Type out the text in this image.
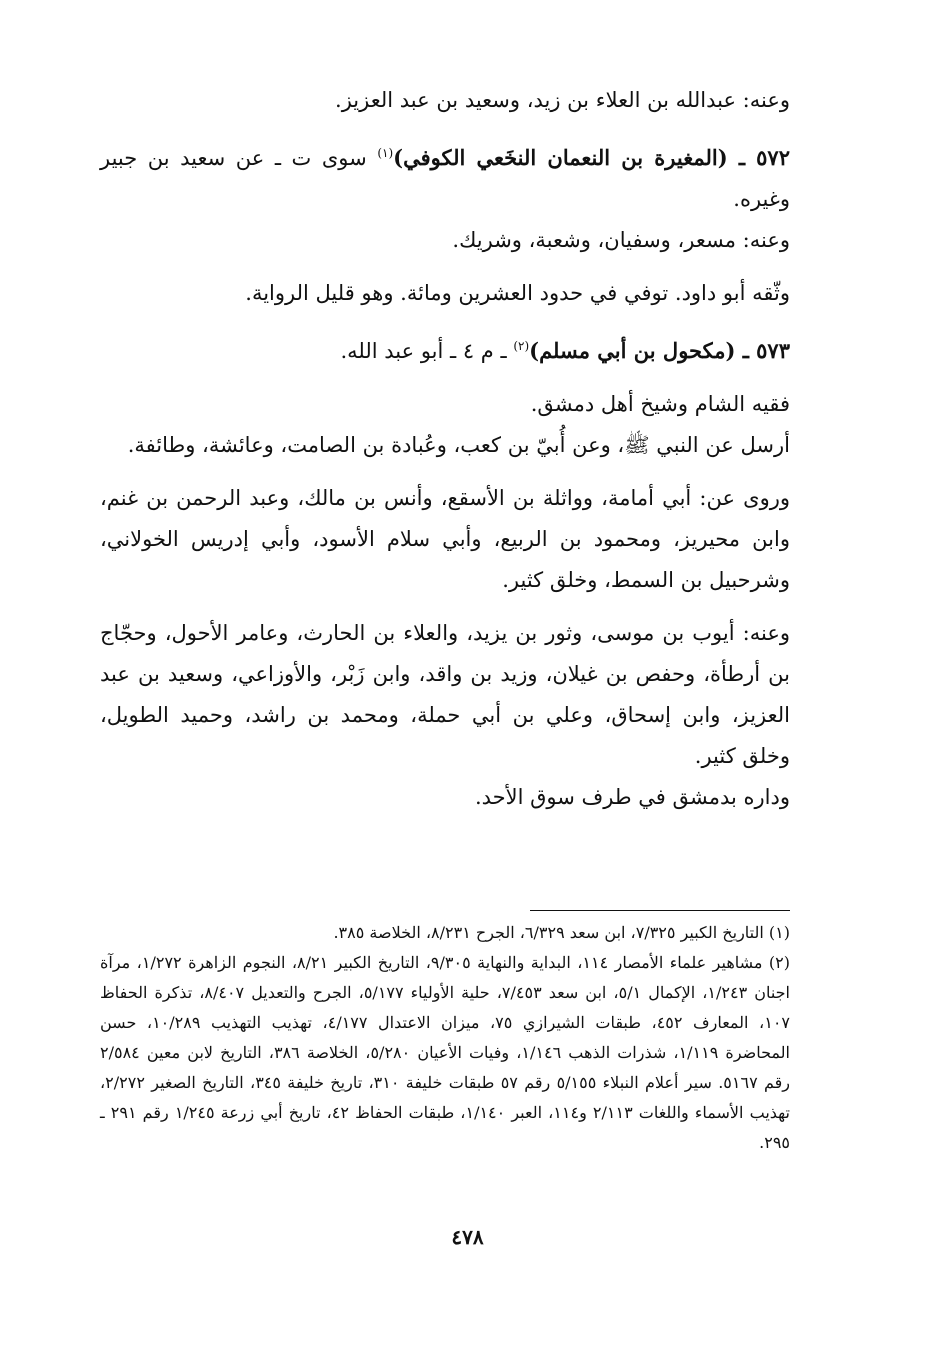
وعنه: عبدالله بن العلاء بن زيد، وسعيد بن عبد العزيز.

٥٧٢ ـ (المغيرة بن النعمان النخَعي الكوفي)$^{(١)}$ سوى ت ـ عن سعيد بن جبير وغيره.

وعنه: مسعر، وسفيان، وشعبة، وشريك.

وثّقه أبو داود. توفي في حدود العشرين ومائة. وهو قليل الرواية.

٥٧٣ ـ (مكحول بن أبي مسلم)$^{(٢)}$ ـ م ٤ ـ أبو عبد الله.

فقيه الشام وشيخ أهل دمشق.

أرسل عن النبي ﷺ، وعن أُبيّ بن كعب، وعُبادة بن الصامت، وعائشة، وطائفة.

وروى عن: أبي أمامة، وواثلة بن الأسقع، وأنس بن مالك، وعبد الرحمن بن غنم، وابن محيريز، ومحمود بن الربيع، وأبي سلام الأسود، وأبي إدريس الخولاني، وشرحبيل بن السمط، وخلق كثير.

وعنه: أيوب بن موسى، وثور بن يزيد، والعلاء بن الحارث، وعامر الأحول، وحجّاج بن أرطأة، وحفص بن غيلان، وزيد بن واقد، وابن زَبْر، والأوزاعي، وسعيد بن عبد العزيز، وابن إسحاق، وعلي بن أبي حملة، ومحمد بن راشد، وحميد الطويل، وخلق كثير.

وداره بدمشق في طرف سوق الأحد.

(١) التاريخ الكبير ٧/٣٢٥، ابن سعد ٦/٣٢٩، الجرح ٨/٢٣١، الخلاصة ٣٨٥.

(٢) مشاهير علماء الأمصار ١١٤، البداية والنهاية ٩/٣٠٥، التاريخ الكبير ٨/٢١، النجوم الزاهرة ١/٢٧٢، مرآة اجنان ١/٢٤٣، الإكمال ٥/١، ابن سعد ٧/٤٥٣، حلية الأولياء ٥/١٧٧، الجرح والتعديل ٨/٤٠٧، تذكرة الحفاظ ١٠٧، المعارف ٤٥٢، طبقات الشيرازي ٧٥، ميزان الاعتدال ٤/١٧٧، تهذيب التهذيب ١٠/٢٨٩، حسن المحاضرة ١/١١٩، شذرات الذهب ١/١٤٦، وفيات الأعيان ٥/٢٨٠، الخلاصة ٣٨٦، التاريخ لابن معين ٢/٥٨٤ رقم ٥١٦٧. سير أعلام النبلاء ٥/١٥٥ رقم ٥٧ طبقات خليفة ٣١٠، تاريخ خليفة ٣٤٥، التاريخ الصغير ٢/٢٧٢، تهذيب الأسماء واللغات ٢/١١٣ و١١٤، العبر ١/١٤٠، طبقات الحفاظ ٤٢، تاريخ أبي زرعة ١/٢٤٥ رقم ٢٩١ ـ ٢٩٥.

٤٧٨
